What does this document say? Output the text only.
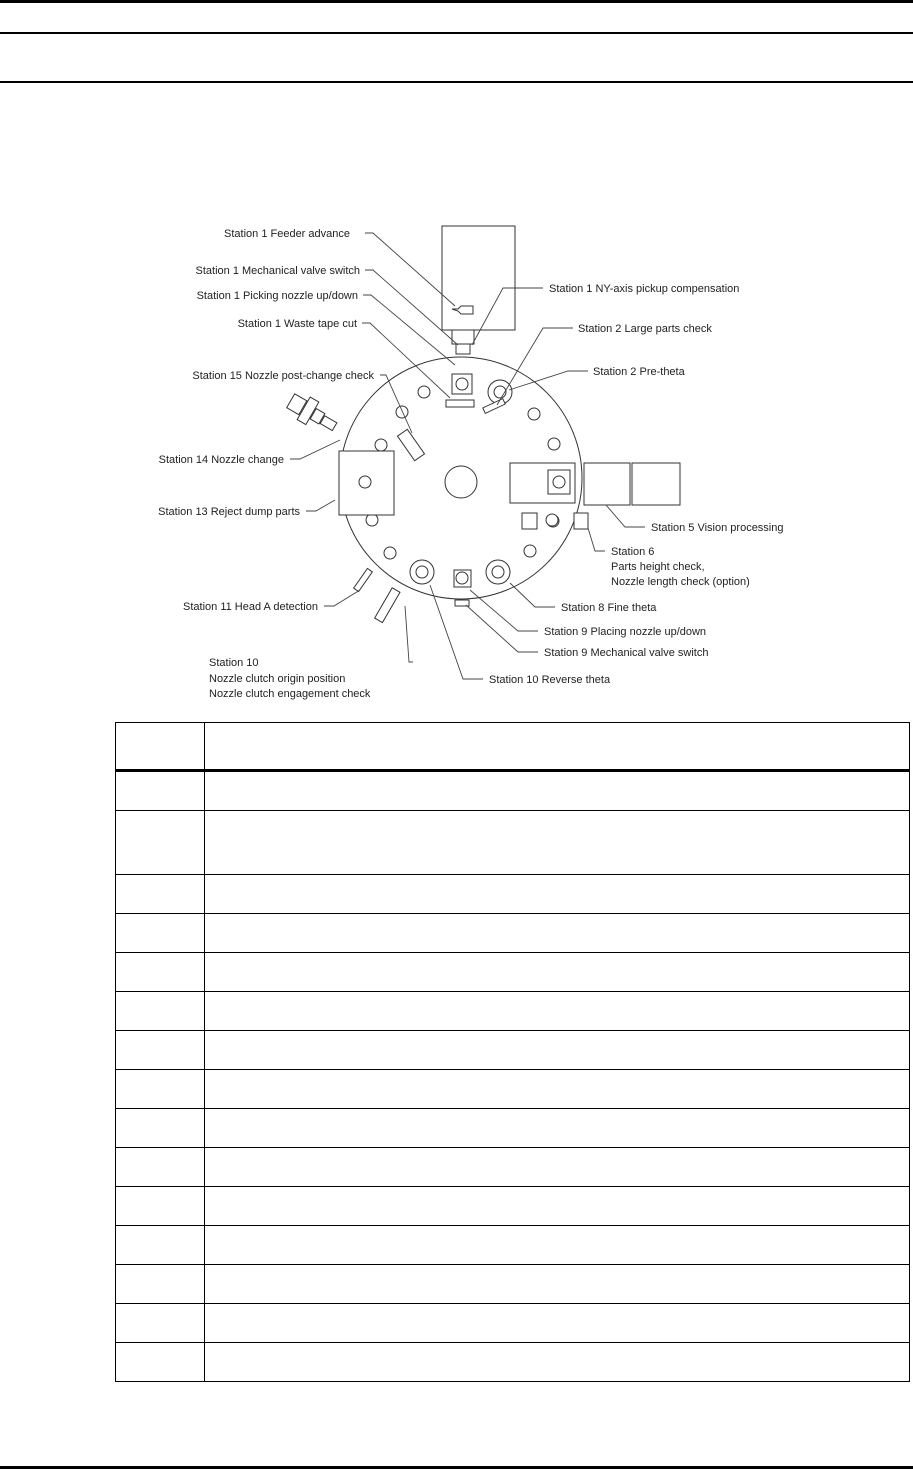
Station 1 Feeder advance
Station 1 Mechanical valve switch
Station 1 Picking nozzle up/down
Station 1 Waste tape cut
Station 15 Nozzle post-change check
Station 14 Nozzle change
Station 13 Reject dump parts
Station 11 Head A detection
Station 10
Nozzle clutch origin position
Nozzle clutch engagement check
Station 1 NY-axis pickup compensation
Station 2 Large parts check
Station 2 Pre-theta
Station 5 Vision processing
Station 6
Parts height check,
Nozzle length check (option)
Station 8 Fine theta
Station 9 Placing nozzle up/down
Station 9 Mechanical valve switch
Station 10 Reverse theta
